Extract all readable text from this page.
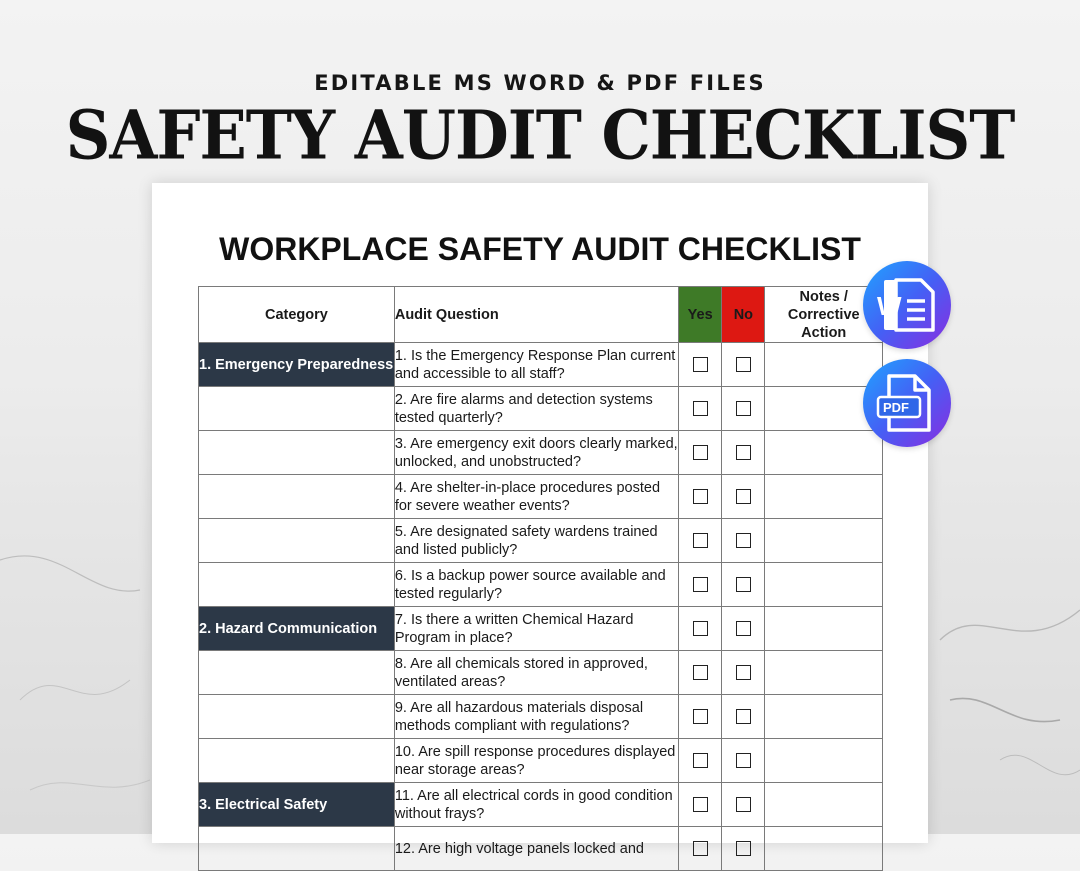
EDITABLE MS WORD & PDF FILES
SAFETY AUDIT CHECKLIST
WORKPLACE SAFETY AUDIT CHECKLIST
Category	Audit Question	Yes	No	Notes /
Corrective
Action
1. Emergency Preparedness	1. Is the Emergency Response Plan current and accessible to all staff?			
	2. Are fire alarms and detection systems tested quarterly?			
	3. Are emergency exit doors clearly marked, unlocked, and unobstructed?			
	4. Are shelter-in-place procedures posted for severe weather events?			
	5. Are designated safety wardens trained and listed publicly?			
	6. Is a backup power source available and tested regularly?			
2. Hazard Communication	7. Is there a written Chemical Hazard Program in place?			
	8. Are all chemicals stored in approved, ventilated areas?			
	9. Are all hazardous materials disposal methods compliant with regulations?			
	10. Are spill response procedures displayed near storage areas?			
3. Electrical Safety	11. Are all electrical cords in good condition without frays?			
	12. Are high voltage panels locked and			
W
PDF
